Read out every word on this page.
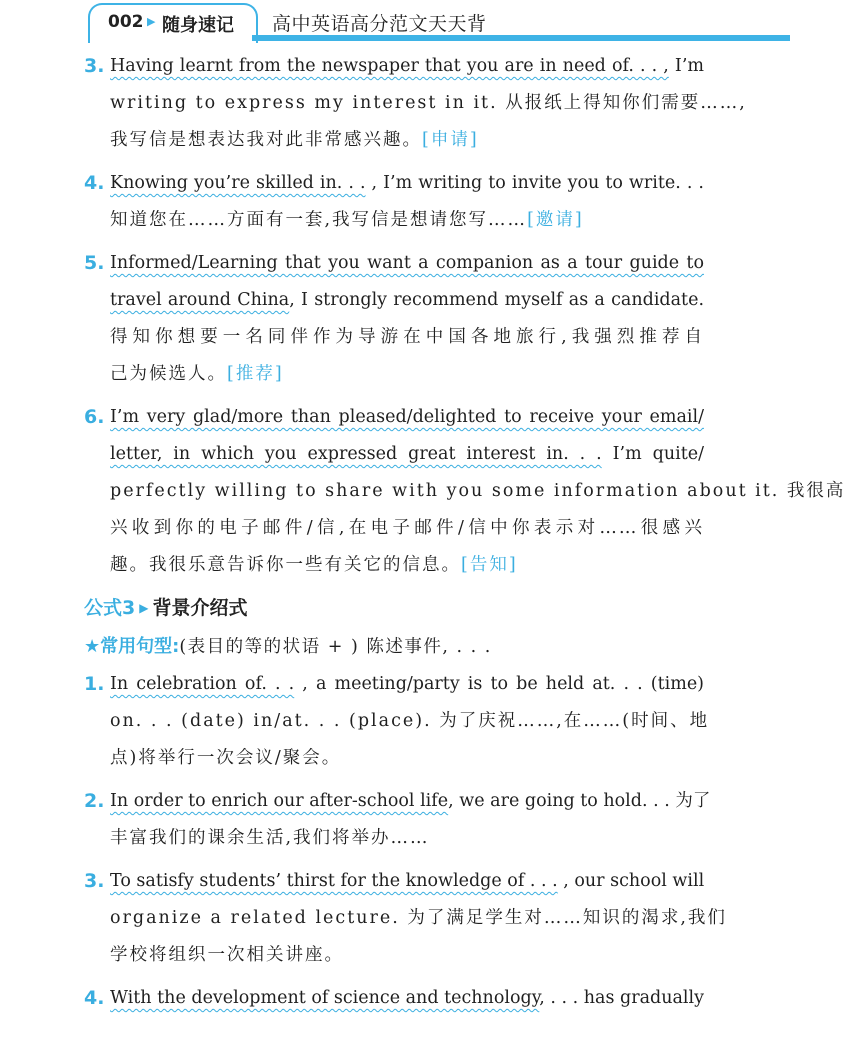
002 ▶ 随身速记 高中英语高分范文天天背
3. Having learnt from the newspaper that you are in need of. . . , I’m
writing to express my interest in it. 从报纸上得知你们需要……,
我写信是想表达我对此非常感兴趣。[申请]
4. Knowing you’re skilled in. . . , I’m writing to invite you to write. . .
知道您在……方面有一套,我写信是想请您写……[邀请]
5. Informed/Learning that you want a companion as a tour guide to
travel around China, I strongly recommend myself as a candidate.
得知你想要一名同伴作为导游在中国各地旅行,我强烈推荐自
己为候选人。[推荐]
6. I’m very glad/more than pleased/delighted to receive your email/
letter, in which you expressed great interest in. . . I’m quite/
perfectly willing to share with you some information about it. 我很高
兴收到你的电子邮件/信,在电子邮件/信中你表示对……很感兴
趣。我很乐意告诉你一些有关它的信息。[告知]
公式3 ▶ 背景介绍式
★常用句型:(表目的等的状语 + ) 陈述事件, . . .
1. In celebration of. . . , a meeting/party is to be held at. . . (time)
on. . . (date) in/at. . . (place). 为了庆祝……,在……(时间、地
点)将举行一次会议/聚会。
2. In order to enrich our after-school life, we are going to hold. . . 为了
丰富我们的课余生活,我们将举办……
3. To satisfy students’ thirst for the knowledge of . . . , our school will
organize a related lecture. 为了满足学生对……知识的渴求,我们
学校将组织一次相关讲座。
4. With the development of science and technology, . . . has gradually
